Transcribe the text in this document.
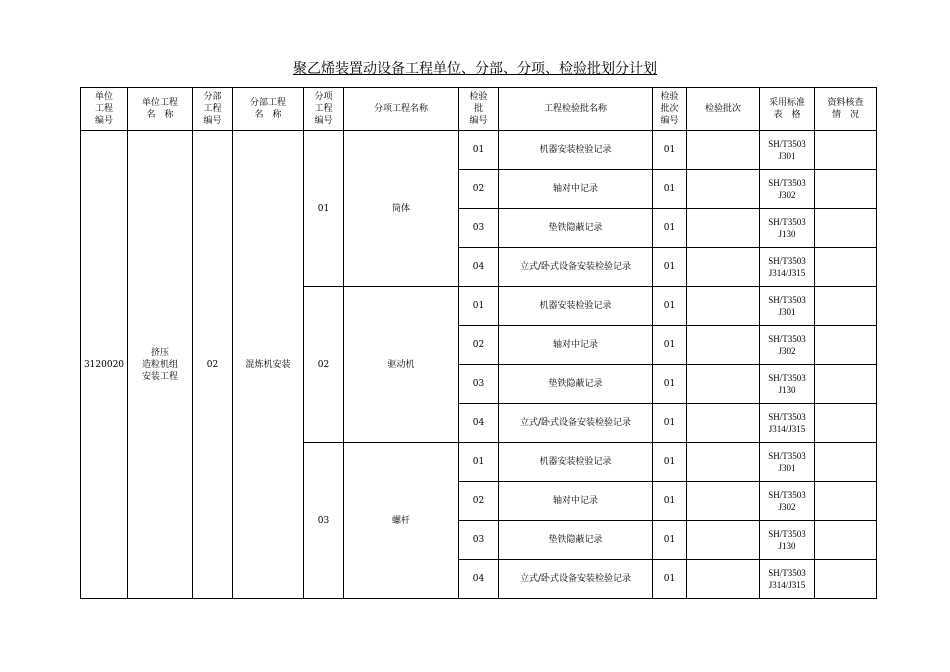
聚乙烯装置动设备工程单位、分部、分项、检验批划分计划
单位
工程
编号	单位工程
名　称	分部
工程
编号	分部工程
名　称	分项
工程
编号	分项工程名称	检验
批
编号	工程检验批名称	检验
批次
编号	检验批次	采用标准
表　格	资料核查
情　况
3120020	挤压
造粒机组
安装工程	02	混炼机安装	01	筒体	01	机器安装检验记录	01		SH/T3503
J301	
						02	轴对中记录	01		SH/T3503
J302	
						03	垫铁隐蔽记录	01		SH/T3503
J130	
						04	立式/卧式设备安装检验记录	01		SH/T3503
J314/J315	
				02	驱动机	01	机器安装检验记录	01		SH/T3503
J301	
						02	轴对中记录	01		SH/T3503
J302	
						03	垫铁隐蔽记录	01		SH/T3503
J130	
						04	立式/卧式设备安装检验记录	01		SH/T3503
J314/J315	
				03	螺杆	01	机器安装检验记录	01		SH/T3503
J301	
						02	轴对中记录	01		SH/T3503
J302	
						03	垫铁隐蔽记录	01		SH/T3503
J130	
						04	立式/卧式设备安装检验记录	01		SH/T3503
J314/J315	
